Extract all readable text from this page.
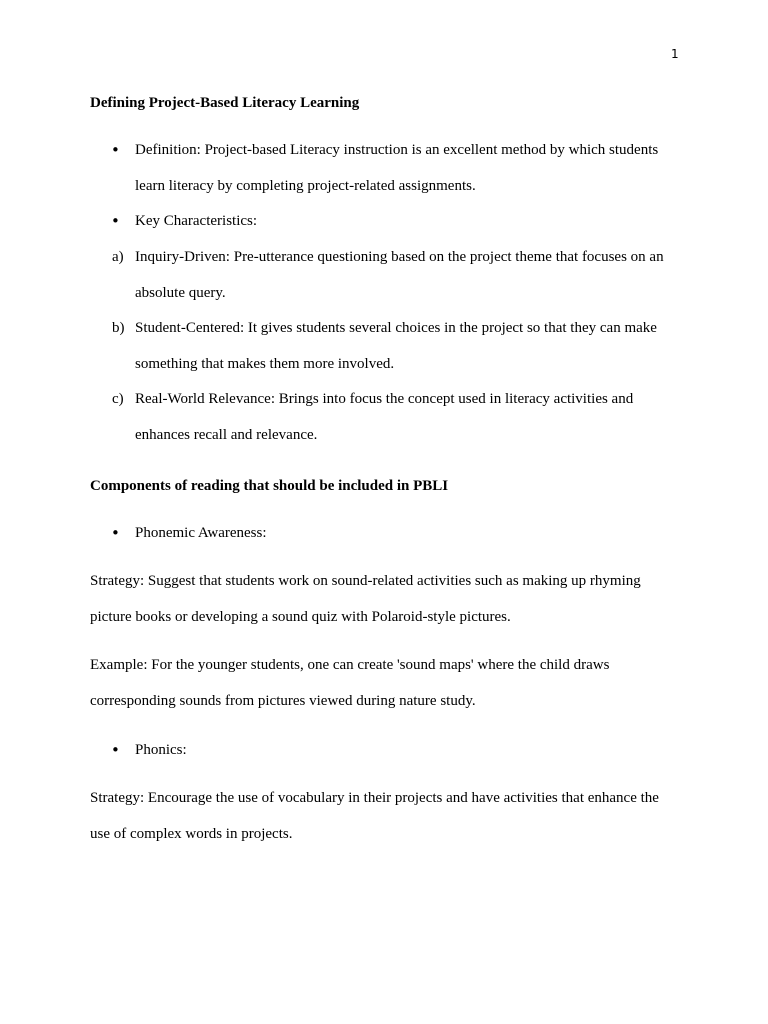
1
Defining Project-Based Literacy Learning
• Definition: Project-based Literacy instruction is an excellent method by which students learn literacy by completing project-related assignments.
• Key Characteristics:
a) Inquiry-Driven: Pre-utterance questioning based on the project theme that focuses on an absolute query.
b) Student-Centered: It gives students several choices in the project so that they can make something that makes them more involved.
c) Real-World Relevance: Brings into focus the concept used in literacy activities and enhances recall and relevance.
Components of reading that should be included in PBLI
• Phonemic Awareness:
Strategy: Suggest that students work on sound-related activities such as making up rhyming picture books or developing a sound quiz with Polaroid-style pictures.
Example: For the younger students, one can create 'sound maps' where the child draws corresponding sounds from pictures viewed during nature study.
• Phonics:
Strategy: Encourage the use of vocabulary in their projects and have activities that enhance the use of complex words in projects.
